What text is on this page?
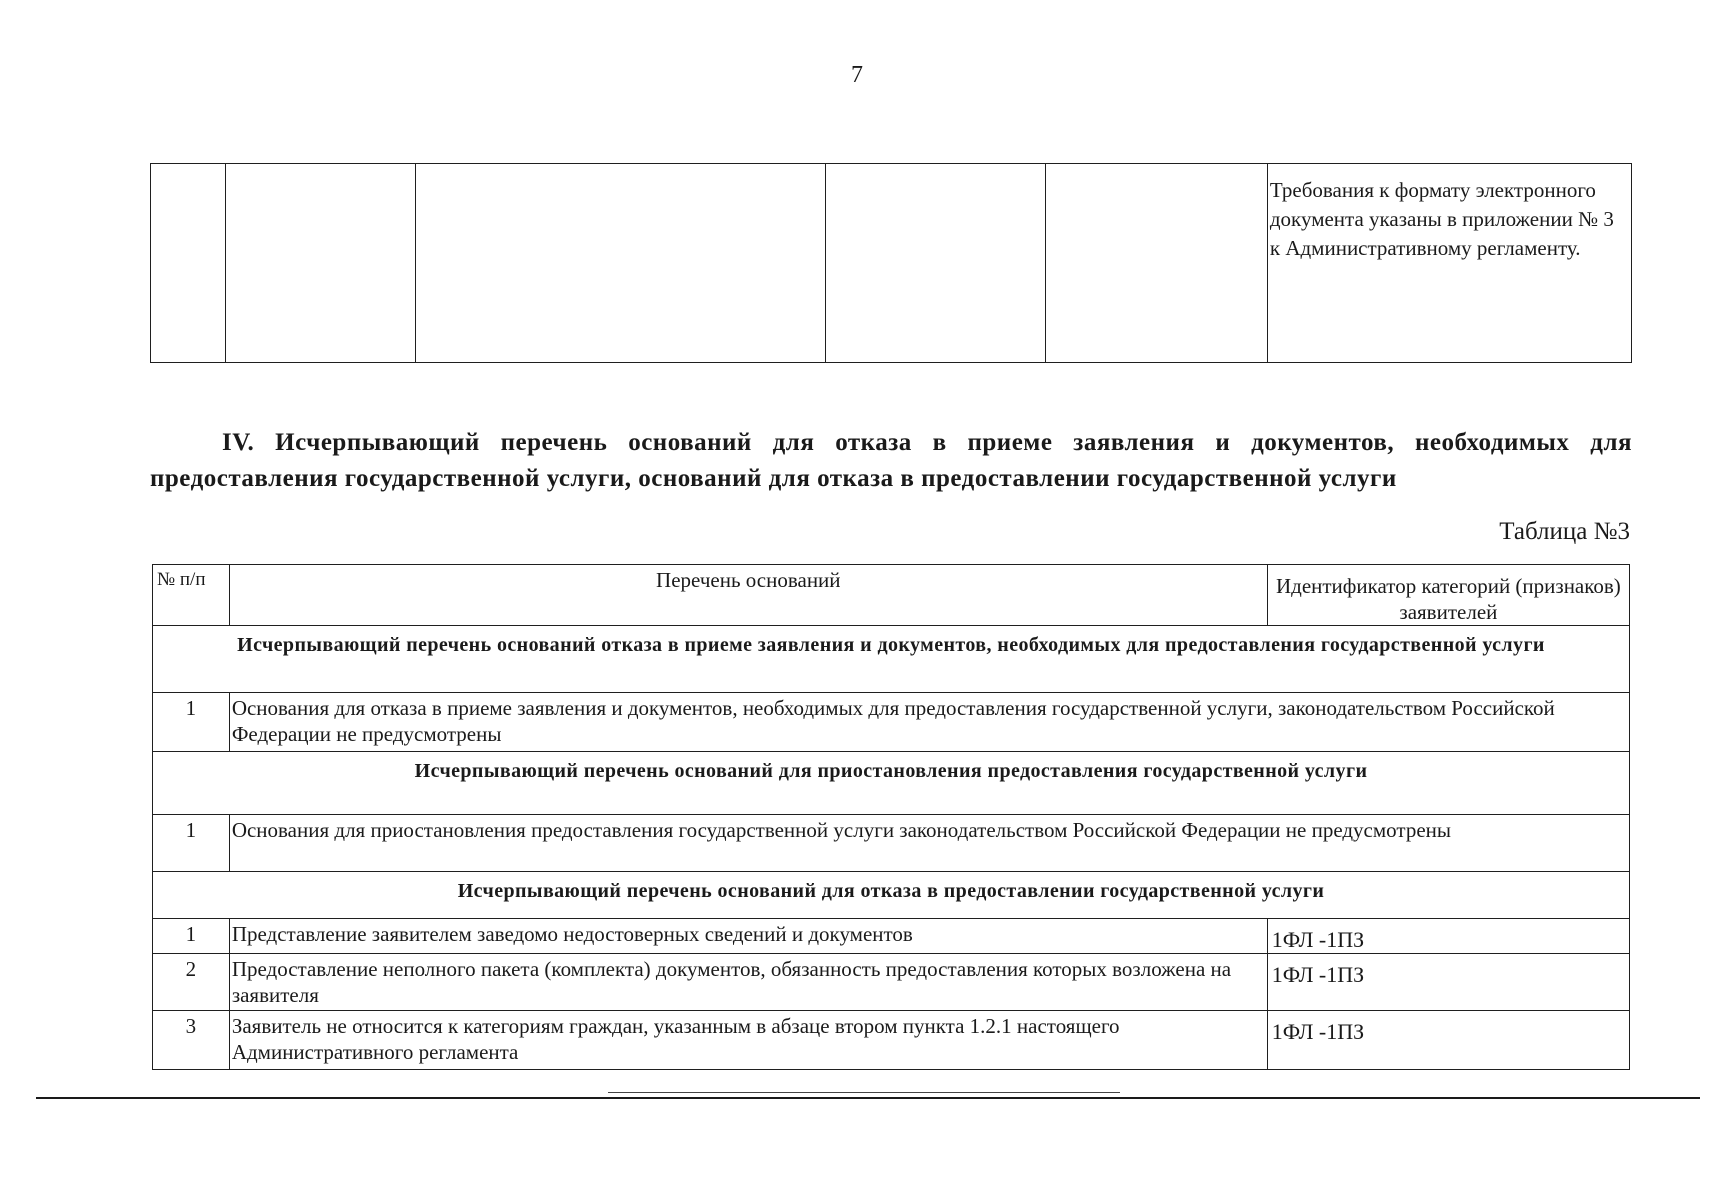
7

Требования к формату электронного документа указаны в приложении № 3 к Административному регламенту.
IV. Исчерпывающий перечень оснований для отказа в приеме заявления и документов, необходимых для предоставления государственной услуги, оснований для отказа в предоставлении государственной услуги
Таблица №3
№ п/п	Перечень оснований	Идентификатор категорий (признаков) заявителей
Исчерпывающий перечень оснований отказа в приеме заявления и документов, необходимых для предоставления государственной услуги		
1	Основания для отказа в приеме заявления и документов, необходимых для предоставления государственной услуги, законодательством Российской Федерации не предусмотрены	
Исчерпывающий перечень оснований для приостановления предоставления государственной услуги		
1	Основания для приостановления предоставления государственной услуги законодательством Российской Федерации не предусмотрены	
Исчерпывающий перечень оснований для отказа в предоставлении государственной услуги		
1	Представление заявителем заведомо недостоверных сведений и документов	1ФЛ -1ПЗ
2	Предоставление неполного пакета (комплекта) документов, обязанность предоставления которых возложена на заявителя	1ФЛ -1ПЗ
3	Заявитель не относится к категориям граждан, указанным в абзаце втором пункта 1.2.1 настоящего Административного регламента	1ФЛ -1ПЗ
